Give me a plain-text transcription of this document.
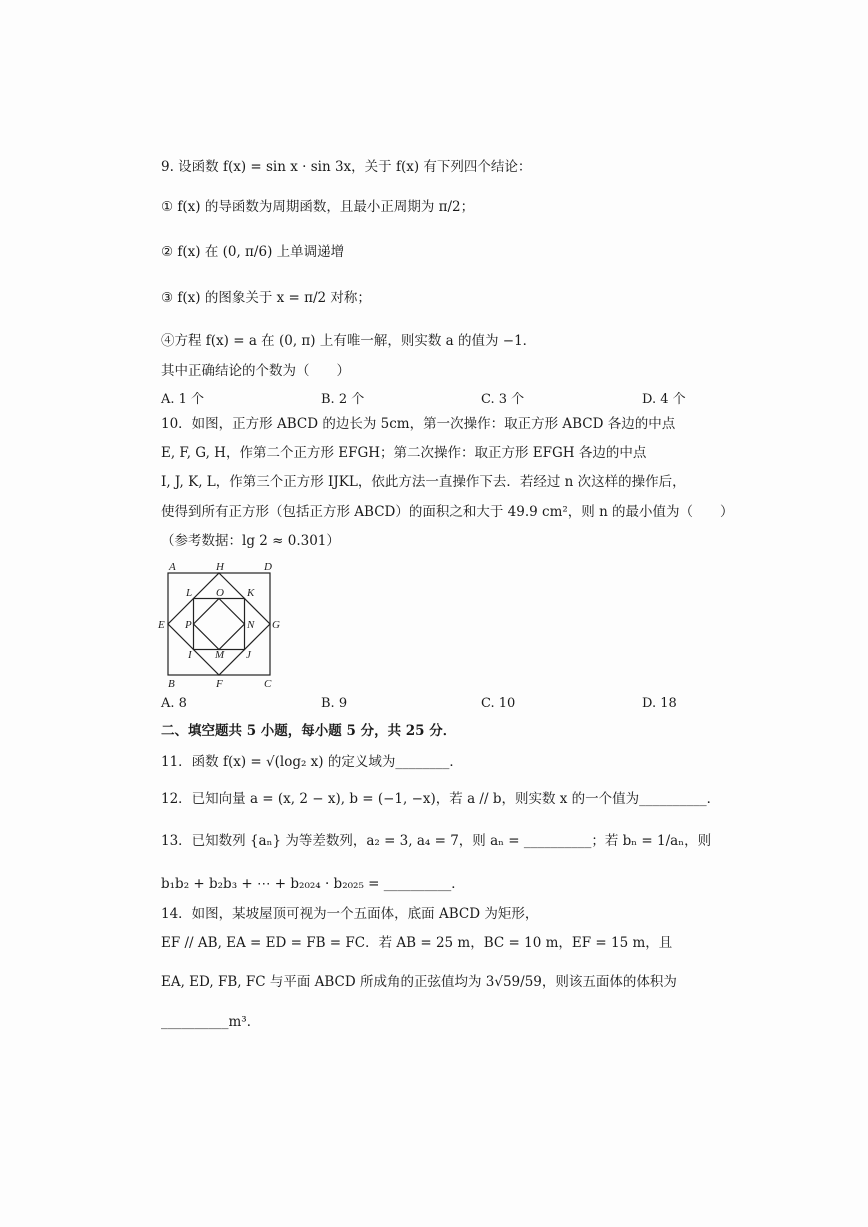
9. 设函数 f(x) = sin x · sin 3x，关于 f(x) 有下列四个结论：
① f(x) 的导函数为周期函数，且最小正周期为 π/2；
② f(x) 在 (0, π/6) 上单调递增
③ f(x) 的图象关于 x = π/2 对称；
④方程 f(x) = a 在 (0, π) 上有唯一解，则实数 a 的值为 −1．
其中正确结论的个数为（　　）
A. 1 个	B. 2 个	C. 3 个	D. 4 个
10．如图，正方形 ABCD 的边长为 5cm，第一次操作：取正方形 ABCD 各边的中点
E, F, G, H，作第二个正方形 EFGH；第二次操作：取正方形 EFGH 各边的中点
I, J, K, L，作第三个正方形 IJKL，依此方法一直操作下去．若经过 n 次这样的操作后，
使得到所有正方形（包括正方形 ABCD）的面积之和大于 49.9 cm²，则 n 的最小值为（　　）
（参考数据：lg 2 ≈ 0.301）
A	H	D
L O K
E P	N G
I M J
B	F	C
A. 8	B. 9	C. 10	D. 18
二、填空题共 5 小题，每小题 5 分，共 25 分．
11．函数 f(x) = √(log₂ x) 的定义域为________．
12．已知向量 a = (x, 2 − x), b = (−1, −x)，若 a // b，则实数 x 的一个值为__________．
13．已知数列 {aₙ} 为等差数列，a₂ = 3, a₄ = 7，则 aₙ = __________；若 bₙ = 1/aₙ，则
b₁b₂ + b₂b₃ + ⋯ + b₂₀₂₄ · b₂₀₂₅ = __________．
14．如图，某坡屋顶可视为一个五面体，底面 ABCD 为矩形，
EF // AB, EA = ED = FB = FC．若 AB = 25 m，BC = 10 m，EF = 15 m，且
EA, ED, FB, FC 与平面 ABCD 所成角的正弦值均为 3√59/59，则该五面体的体积为
__________m³．
